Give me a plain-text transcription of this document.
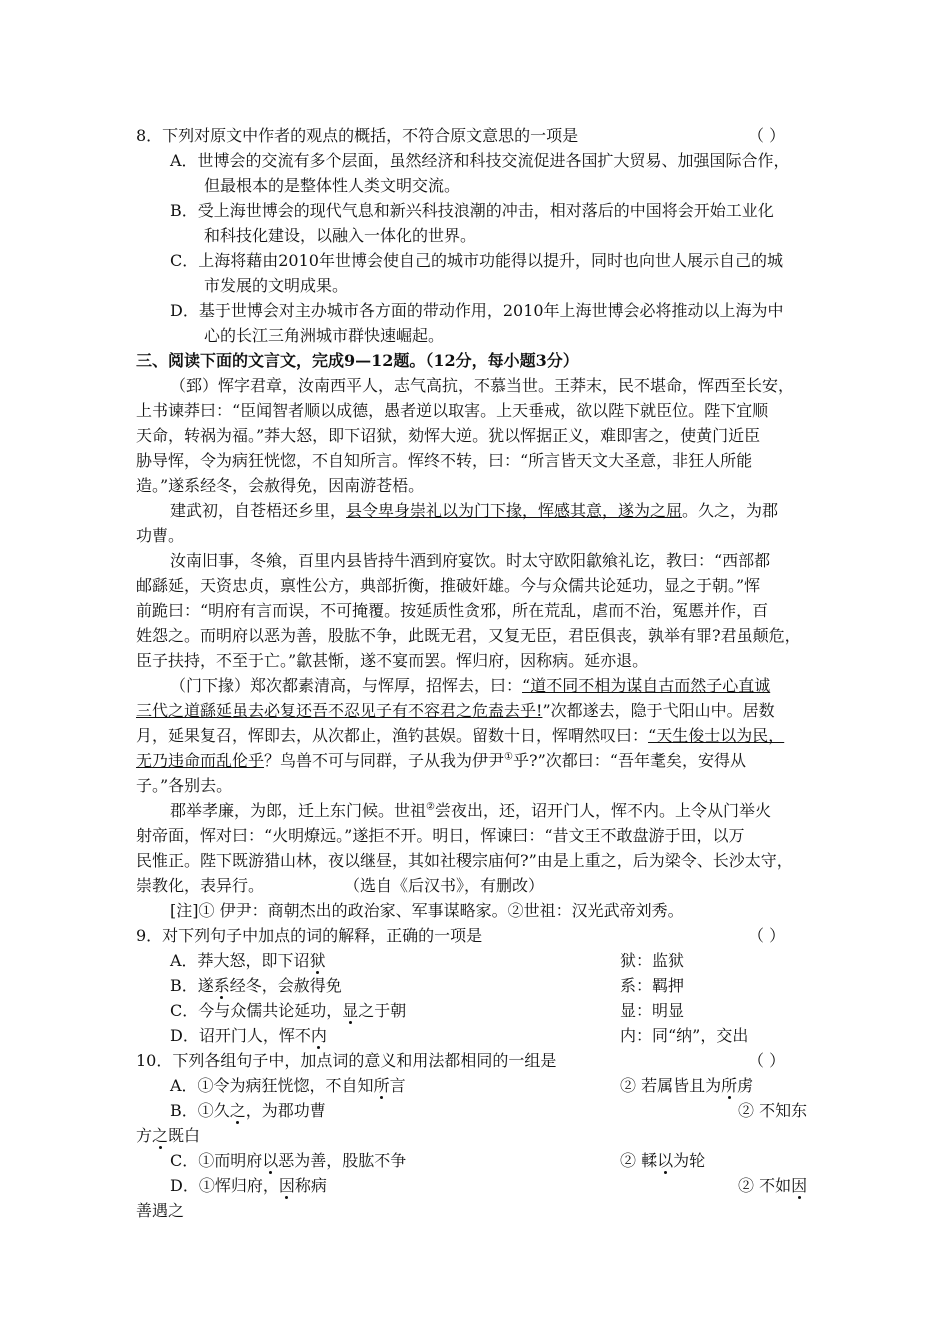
8．下列对原文中作者的观点的概括，不符合原文意思的一项是	（ ）
A．世博会的交流有多个层面，虽然经济和科技交流促进各国扩大贸易、加强国际合作，
但最根本的是整体性人类文明交流。
B．受上海世博会的现代气息和新兴科技浪潮的冲击，相对落后的中国将会开始工业化
和科技化建设，以融入一体化的世界。
C．上海将藉由2010年世博会使自己的城市功能得以提升，同时也向世人展示自己的城
市发展的文明成果。
D．基于世博会对主办城市各方面的带动作用，2010年上海世博会必将推动以上海为中
心的长江三角洲城市群快速崛起。
三、阅读下面的文言文，完成9—12题。（12分，每小题3分）
（郅）恽字君章，汝南西平人，志气高抗，不慕当世。王莽末，民不堪命，恽西至长安，
上书谏莽曰：“臣闻智者顺以成德，愚者逆以取害。上天垂戒，欲以陛下就臣位。陛下宜顺
天命，转祸为福。”莽大怒，即下诏狱，劾恽大逆。犹以恽据正义，难即害之，使黄门近臣
胁导恽，令为病狂恍惚，不自知所言。恽终不转，曰：“所言皆天文大圣意，非狂人所能
造。”遂系经冬，会赦得免，因南游苍梧。
建武初，自苍梧还乡里，县令卑身崇礼以为门下掾，恽感其意，遂为之屈。久之，为郡
功曹。
汝南旧事，冬飨，百里内县皆持牛酒到府宴饮。时太守欧阳歙飨礼讫，教曰：“西部都
邮繇延，天资忠贞，禀性公方，典部折衡，推破奸雄。今与众儒共论延功，显之于朝。”恽
前跪曰：“明府有言而误，不可掩覆。按延质性贪邪，所在荒乱，虐而不治，冤慝并作，百
姓怨之。而明府以恶为善，股肱不争，此既无君，又复无臣，君臣俱丧，孰举有罪?君虽颠危，
臣子扶持，不至于亡。”歙甚惭，遂不宴而罢。恽归府，因称病。延亦退。
（门下掾）郑次都素清高，与恽厚，招恽去，曰：“道不同不相为谋自古而然子心直诚
三代之道繇延虽去必复还吾不忍见子有不容君之危盍去乎!”次都遂去，隐于弋阳山中。居数
月，延果复召，恽即去，从次都止，渔钓甚娱。留数十日，恽喟然叹曰：“天生俊士以为民，
无乃违命而乱伦乎？鸟兽不可与同群，子从我为伊尹①乎?”次都曰：“吾年耄矣，安得从
子。”各别去。
郡举孝廉，为郎，迁上东门候。世祖②尝夜出，还，诏开门人，恽不内。上令从门举火
射帝面，恽对曰：“火明燎远。”遂拒不开。明日，恽谏曰：“昔文王不敢盘游于田，以万
民惟正。陛下既游猎山林，夜以继昼，其如社稷宗庙何?”由是上重之，后为梁令、长沙太守，
崇教化，表异行。	（选自《后汉书》，有删改）
[注]① 伊尹：商朝杰出的政治家、军事谋略家。②世祖：汉光武帝刘秀。
9．对下列句子中加点的词的解释，正确的一项是	（ ）
A．莽大怒，即下诏狱	狱：监狱
B．遂系经冬，会赦得免	系：羁押
C．今与众儒共论延功，显之于朝	显：明显
D．诏开门人，恽不内	内：同“纳”，交出
10．下列各组句子中，加点词的意义和用法都相同的一组是	（ ）
A．①令为病狂恍惚，不自知所言	② 若属皆且为所虏
B．①久之，为郡功曹	② 不知东
方之既白
C．①而明府以恶为善，股肱不争	② 輮以为轮
D．①恽归府，因称病	② 不如因
善遇之
